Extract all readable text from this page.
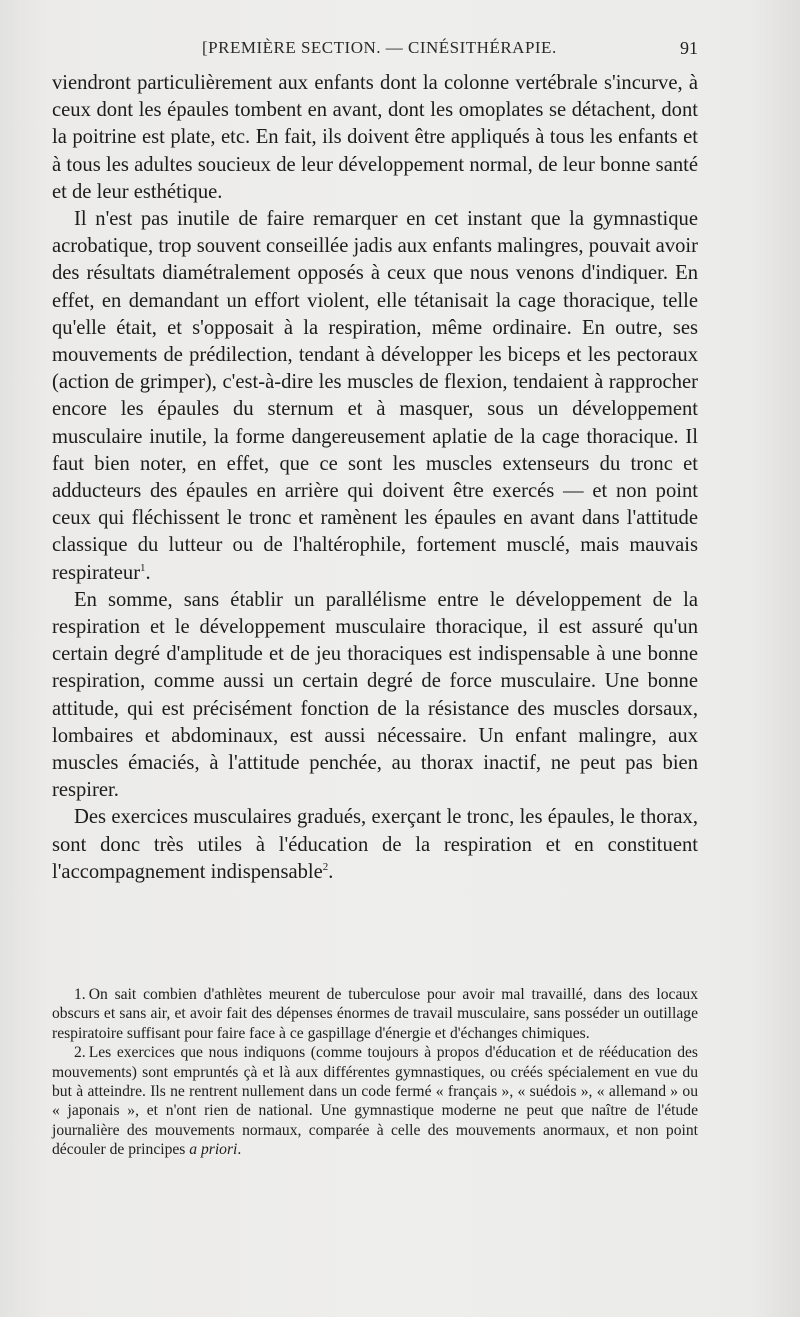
[PREMIÈRE SECTION. — CINÉSITHÉRAPIE.	91

viendront particulièrement aux enfants dont la colonne vertébrale s'incurve, à ceux dont les épaules tombent en avant, dont les omoplates se détachent, dont la poitrine est plate, etc. En fait, ils doivent être appliqués à tous les enfants et à tous les adultes soucieux de leur développement normal, de leur bonne santé et de leur esthétique.

Il n'est pas inutile de faire remarquer en cet instant que la gymnastique acrobatique, trop souvent conseillée jadis aux enfants malingres, pouvait avoir des résultats diamétralement opposés à ceux que nous venons d'indiquer. En effet, en demandant un effort violent, elle tétanisait la cage thoracique, telle qu'elle était, et s'opposait à la respiration, même ordinaire. En outre, ses mouvements de prédilection, tendant à développer les biceps et les pectoraux (action de grimper), c'est-à-dire les muscles de flexion, tendaient à rapprocher encore les épaules du sternum et à masquer, sous un développement musculaire inutile, la forme dangereusement aplatie de la cage thoracique. Il faut bien noter, en effet, que ce sont les muscles extenseurs du tronc et adducteurs des épaules en arrière qui doivent être exercés — et non point ceux qui fléchissent le tronc et ramènent les épaules en avant dans l'attitude classique du lutteur ou de l'haltérophile, fortement musclé, mais mauvais respirateur$^1$.

En somme, sans établir un parallélisme entre le développement de la respiration et le développement musculaire thoracique, il est assuré qu'un certain degré d'amplitude et de jeu thoraciques est indispensable à une bonne respiration, comme aussi un certain degré de force musculaire. Une bonne attitude, qui est précisément fonction de la résistance des muscles dorsaux, lombaires et abdominaux, est aussi nécessaire. Un enfant malingre, aux muscles émaciés, à l'attitude penchée, au thorax inactif, ne peut pas bien respirer.

Des exercices musculaires gradués, exerçant le tronc, les épaules, le thorax, sont donc très utiles à l'éducation de la respiration et en constituent l'accompagnement indispensable$^2$.

1. On sait combien d'athlètes meurent de tuberculose pour avoir mal travaillé, dans des locaux obscurs et sans air, et avoir fait des dépenses énormes de travail musculaire, sans posséder un outillage respiratoire suffisant pour faire face à ce gaspillage d'énergie et d'échanges chimiques.

2. Les exercices que nous indiquons (comme toujours à propos d'éducation et de rééducation des mouvements) sont empruntés çà et là aux différentes gymnastiques, ou créés spécialement en vue du but à atteindre. Ils ne rentrent nullement dans un code fermé « français », « suédois », « allemand » ou « japonais », et n'ont rien de national. Une gymnastique moderne ne peut que naître de l'étude journalière des mouvements normaux, comparée à celle des mouvements anormaux, et non point découler de principes a priori.
